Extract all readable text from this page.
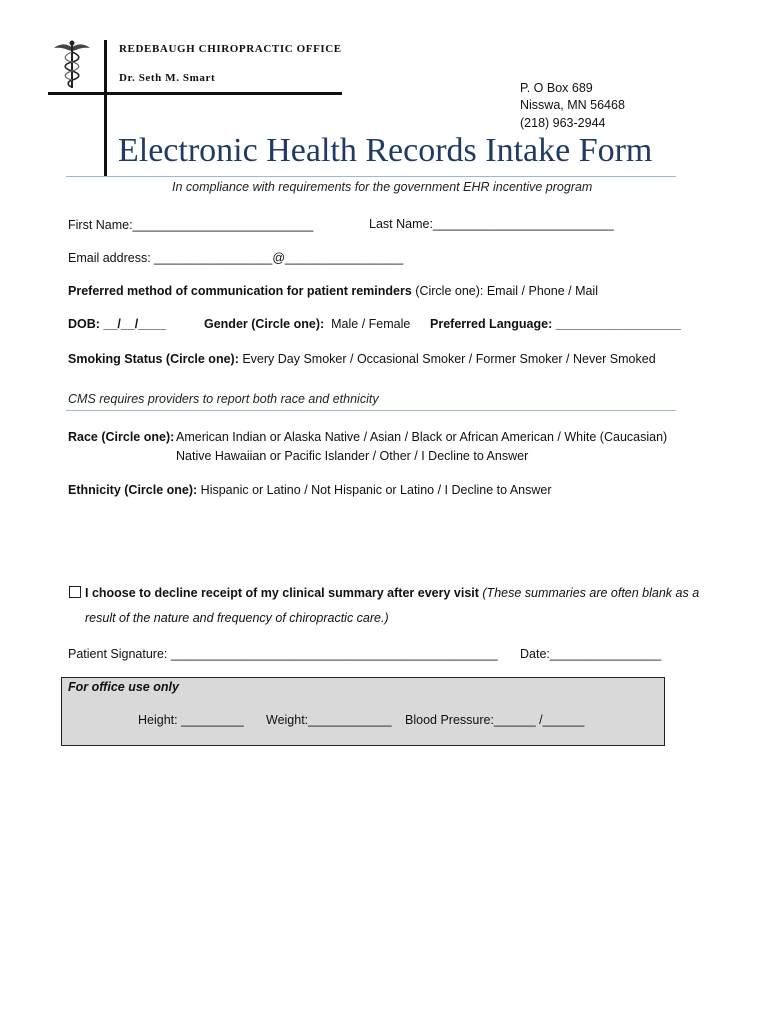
REDEBAUGH CHIROPRACTIC OFFICE
Dr. Seth M. Smart
P. O Box 689
Nisswa, MN 56468
(218) 963-2944
Electronic Health Records Intake Form
In compliance with requirements for the government EHR incentive program
First Name:__________________________	Last Name:__________________________
Email address: _________________@_________________
Preferred method of communication for patient reminders (Circle one): Email / Phone / Mail
DOB: __/__/____	Gender (Circle one): Male / Female Preferred Language: __________________
Smoking Status (Circle one): Every Day Smoker / Occasional Smoker / Former Smoker / Never Smoked
CMS requires providers to report both race and ethnicity
Race (Circle one): American Indian or Alaska Native / Asian / Black or African American / White (Caucasian)
Native Hawaiian or Pacific Islander / Other / I Decline to Answer
Ethnicity (Circle one): Hispanic or Latino / Not Hispanic or Latino / I Decline to Answer
I choose to decline receipt of my clinical summary after every visit (These summaries are often blank as a
result of the nature and frequency of chiropractic care.)
Patient Signature: _______________________________________________ Date:________________
For office use only
Height: _________ Weight:____________ Blood Pressure:______ /______
